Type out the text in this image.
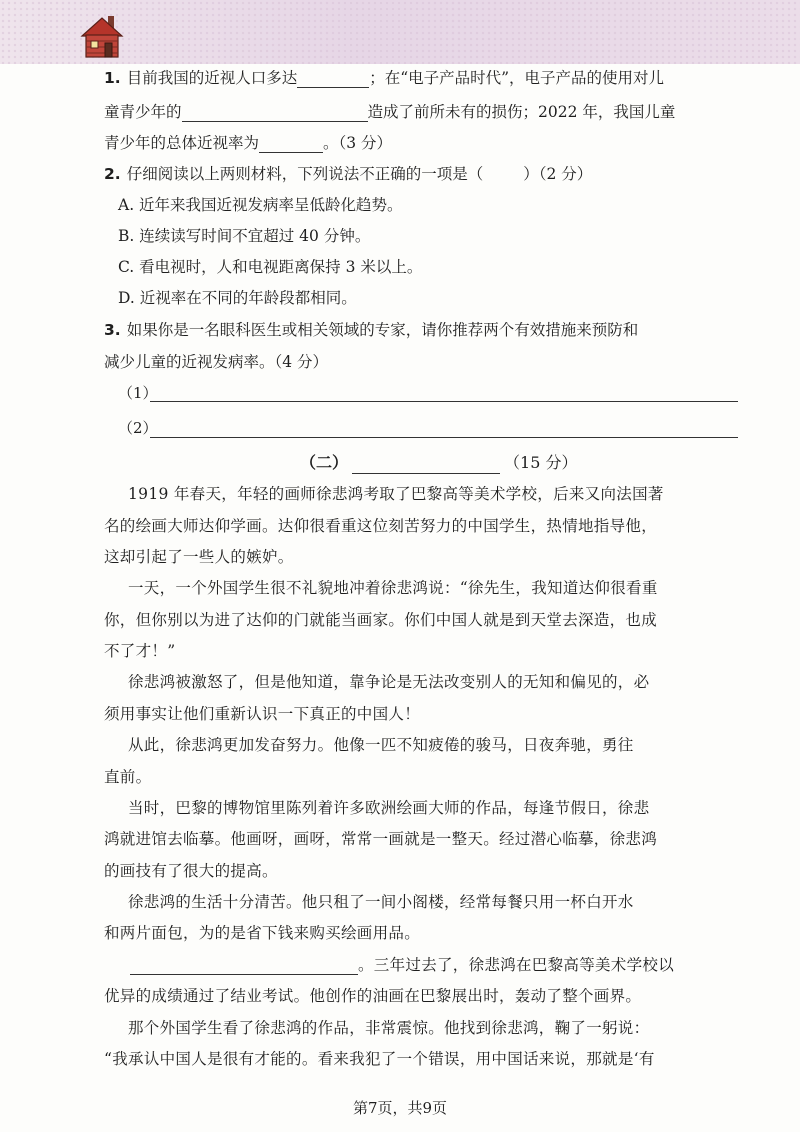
1. 目前我国的近视人口多达	；在“电子产品时代”，电子产品的使用对儿
童青少年的	造成了前所未有的损伤；2022 年，我国儿童
青少年的总体近视率为	。（3 分）
2. 仔细阅读以上两则材料，下列说法不正确的一项是（	）（2 分）
A. 近年来我国近视发病率呈低龄化趋势。
B. 连续读写时间不宜超过 40 分钟。
C. 看电视时，人和电视距离保持 3 米以上。
D. 近视率在不同的年龄段都相同。
3. 如果你是一名眼科医生或相关领域的专家，请你推荐两个有效措施来预防和
减少儿童的近视发病率。（4 分）
（1）
（2）
（二）	（15 分）
1919 年春天，年轻的画师徐悲鸿考取了巴黎高等美术学校，后来又向法国著
名的绘画大师达仰学画。达仰很看重这位刻苦努力的中国学生，热情地指导他，
这却引起了一些人的嫉妒。
一天，一个外国学生很不礼貌地冲着徐悲鸿说：“徐先生，我知道达仰很看重
你，但你别以为进了达仰的门就能当画家。你们中国人就是到天堂去深造，也成
不了才！”
徐悲鸿被激怒了，但是他知道，靠争论是无法改变别人的无知和偏见的，必
须用事实让他们重新认识一下真正的中国人！
从此，徐悲鸿更加发奋努力。他像一匹不知疲倦的骏马，日夜奔驰，勇往
直前。
当时，巴黎的博物馆里陈列着许多欧洲绘画大师的作品，每逢节假日，徐悲
鸿就进馆去临摹。他画呀，画呀，常常一画就是一整天。经过潜心临摹，徐悲鸿
的画技有了很大的提高。
徐悲鸿的生活十分清苦。他只租了一间小阁楼，经常每餐只用一杯白开水
和两片面包，为的是省下钱来购买绘画用品。
。三年过去了，徐悲鸿在巴黎高等美术学校以
优异的成绩通过了结业考试。他创作的油画在巴黎展出时，轰动了整个画界。
那个外国学生看了徐悲鸿的作品，非常震惊。他找到徐悲鸿，鞠了一躬说：
“我承认中国人是很有才能的。看来我犯了一个错误，用中国话来说，那就是‘有
第7页，共9页
